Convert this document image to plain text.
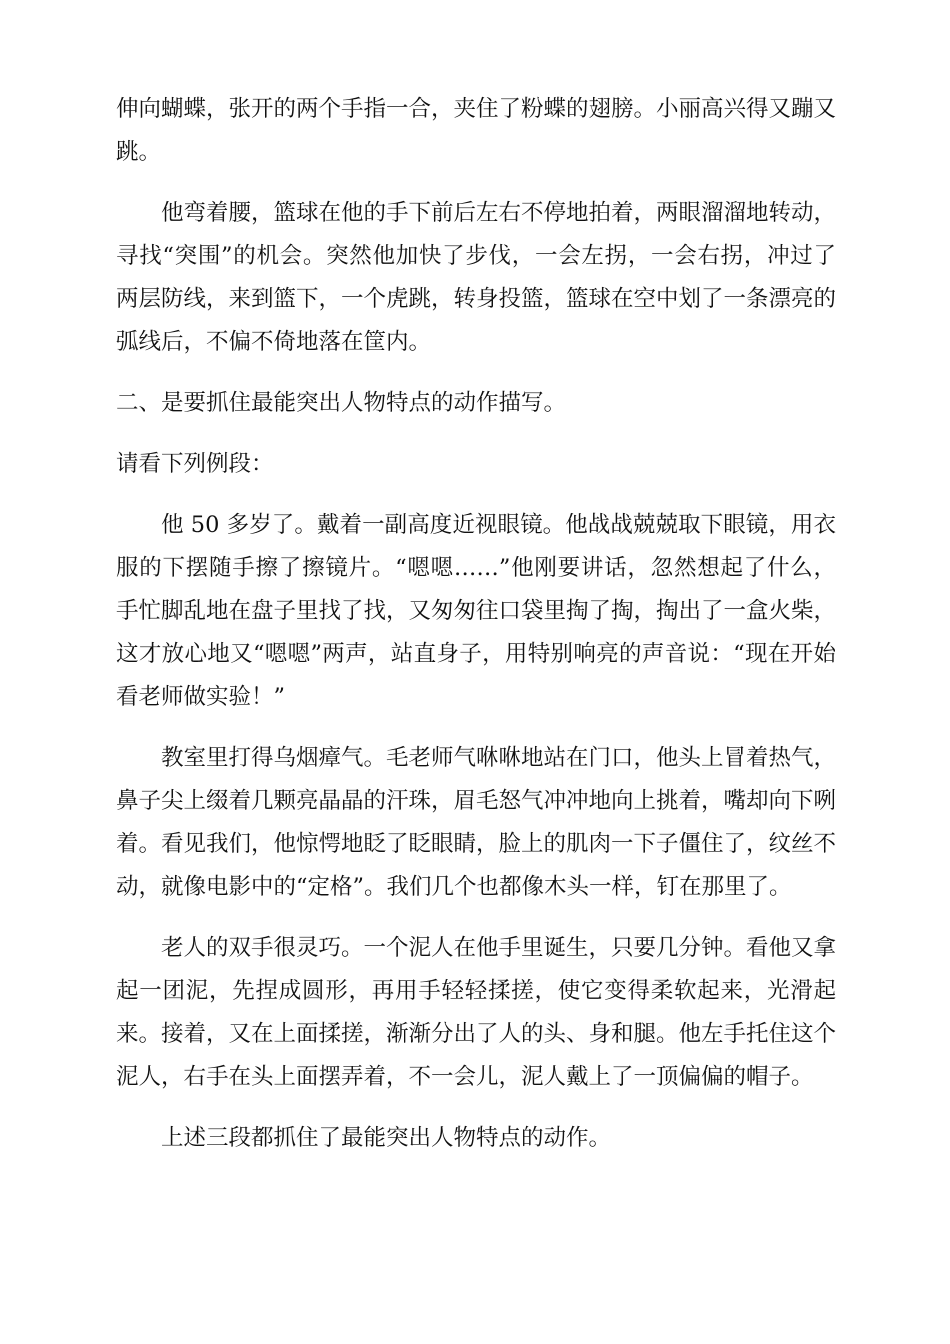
伸向蝴蝶，张开的两个手指一合，夹住了粉蝶的翅膀。小丽高兴得又蹦又跳。

他弯着腰，篮球在他的手下前后左右不停地拍着，两眼溜溜地转动，寻找“突围”的机会。突然他加快了步伐，一会左拐，一会右拐，冲过了两层防线，来到篮下，一个虎跳，转身投篮，篮球在空中划了一条漂亮的弧线后，不偏不倚地落在筐内。

二、是要抓住最能突出人物特点的动作描写。

请看下列例段：

他 50 多岁了。戴着一副高度近视眼镜。他战战兢兢取下眼镜，用衣服的下摆随手擦了擦镜片。“嗯嗯……”他刚要讲话，忽然想起了什么，手忙脚乱地在盘子里找了找，又匆匆往口袋里掏了掏，掏出了一盒火柴，这才放心地又“嗯嗯”两声，站直身子，用特别响亮的声音说：“现在开始看老师做实验！”

教室里打得乌烟瘴气。毛老师气咻咻地站在门口，他头上冒着热气，鼻子尖上缀着几颗亮晶晶的汗珠，眉毛怒气冲冲地向上挑着，嘴却向下咧着。看见我们，他惊愕地眨了眨眼睛，脸上的肌肉一下子僵住了，纹丝不动，就像电影中的“定格”。我们几个也都像木头一样，钉在那里了。

老人的双手很灵巧。一个泥人在他手里诞生，只要几分钟。看他又拿起一团泥，先捏成圆形，再用手轻轻揉搓，使它变得柔软起来，光滑起来。接着，又在上面揉搓，渐渐分出了人的头、身和腿。他左手托住这个泥人，右手在头上面摆弄着，不一会儿，泥人戴上了一顶偏偏的帽子。

上述三段都抓住了最能突出人物特点的动作。
